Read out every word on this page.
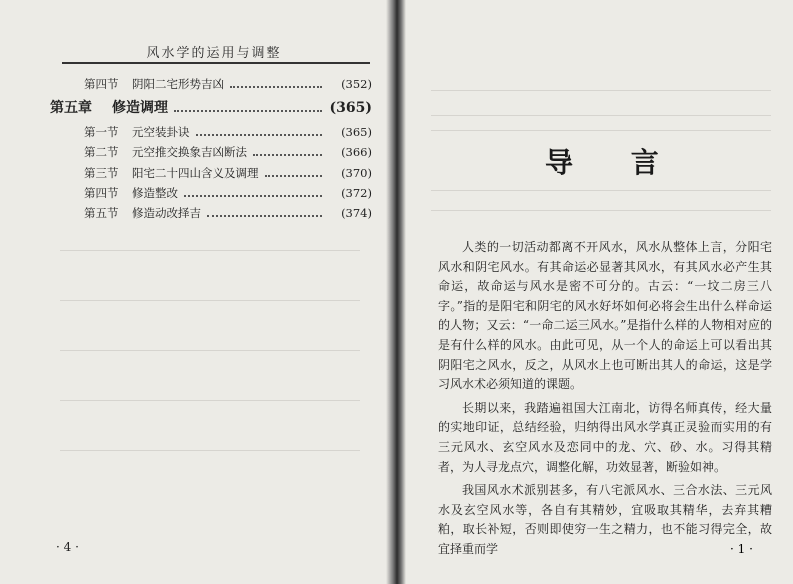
风水学的运用与调整
第四节 阴阳二宅形势吉凶	(352)
第五章 修造调理	(365)
第一节 元空装卦诀	(365)
第二节 元空推交换象吉凶断法	(366)
第三节 阳宅二十四山含义及调理	(370)
第四节 修造整改	(372)
第五节 修造动改择吉	(374)
· 4 ·
导 言

人类的一切活动都离不开风水，风水从整体上言，分阳宅风水和阴宅风水。有其命运必显著其风水，有其风水必产生其命运，故命运与风水是密不可分的。古云：“一坟二房三八字。”指的是阳宅和阴宅的风水好坏如何必将会生出什么样命运的人物；又云：“一命二运三风水。”是指什么样的人物相对应的是有什么样的风水。由此可见，从一个人的命运上可以看出其阴阳宅之风水，反之，从风水上也可断出其人的命运，这是学习风水术必须知道的课题。

长期以来，我踏遍祖国大江南北，访得名师真传，经大量的实地印证，总结经验，归纳得出风水学真正灵验而实用的有三元风水、玄空风水及恋同中的龙、穴、砂、水。习得其精者，为人寻龙点穴，调整化解，功效显著，断验如神。

我国风水术派别甚多，有八宅派风水、三合水法、三元风水及玄空风水等，各自有其精妙，宜吸取其精华，去弃其糟粕，取长补短，否则即使穷一生之精力，也不能习得完全，故宜择重而学	· 1 ·
